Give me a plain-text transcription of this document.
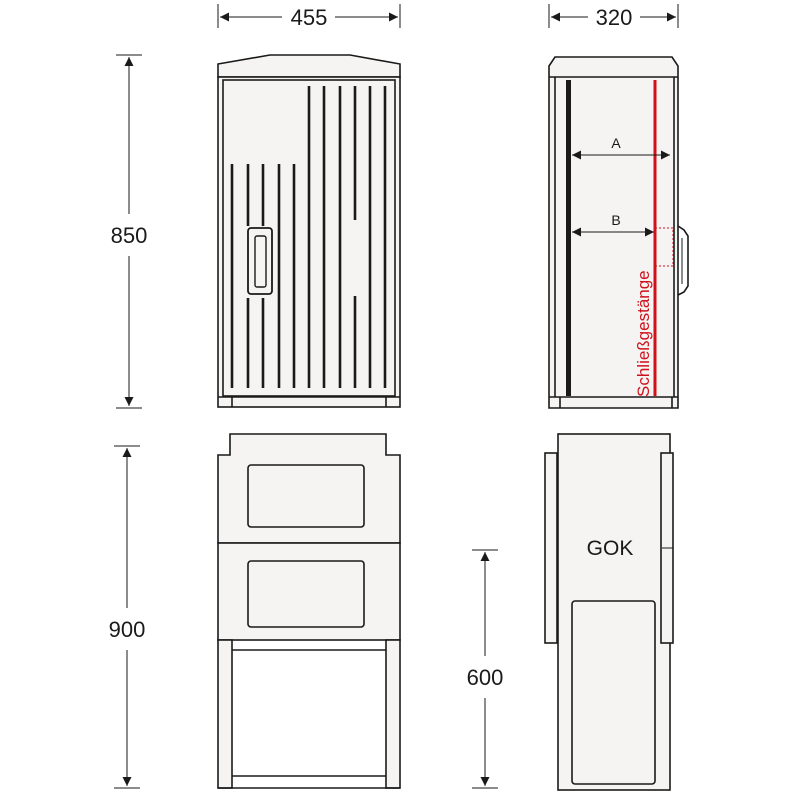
455	320
850
900
600
A
B
Schließgestänge
GOK
